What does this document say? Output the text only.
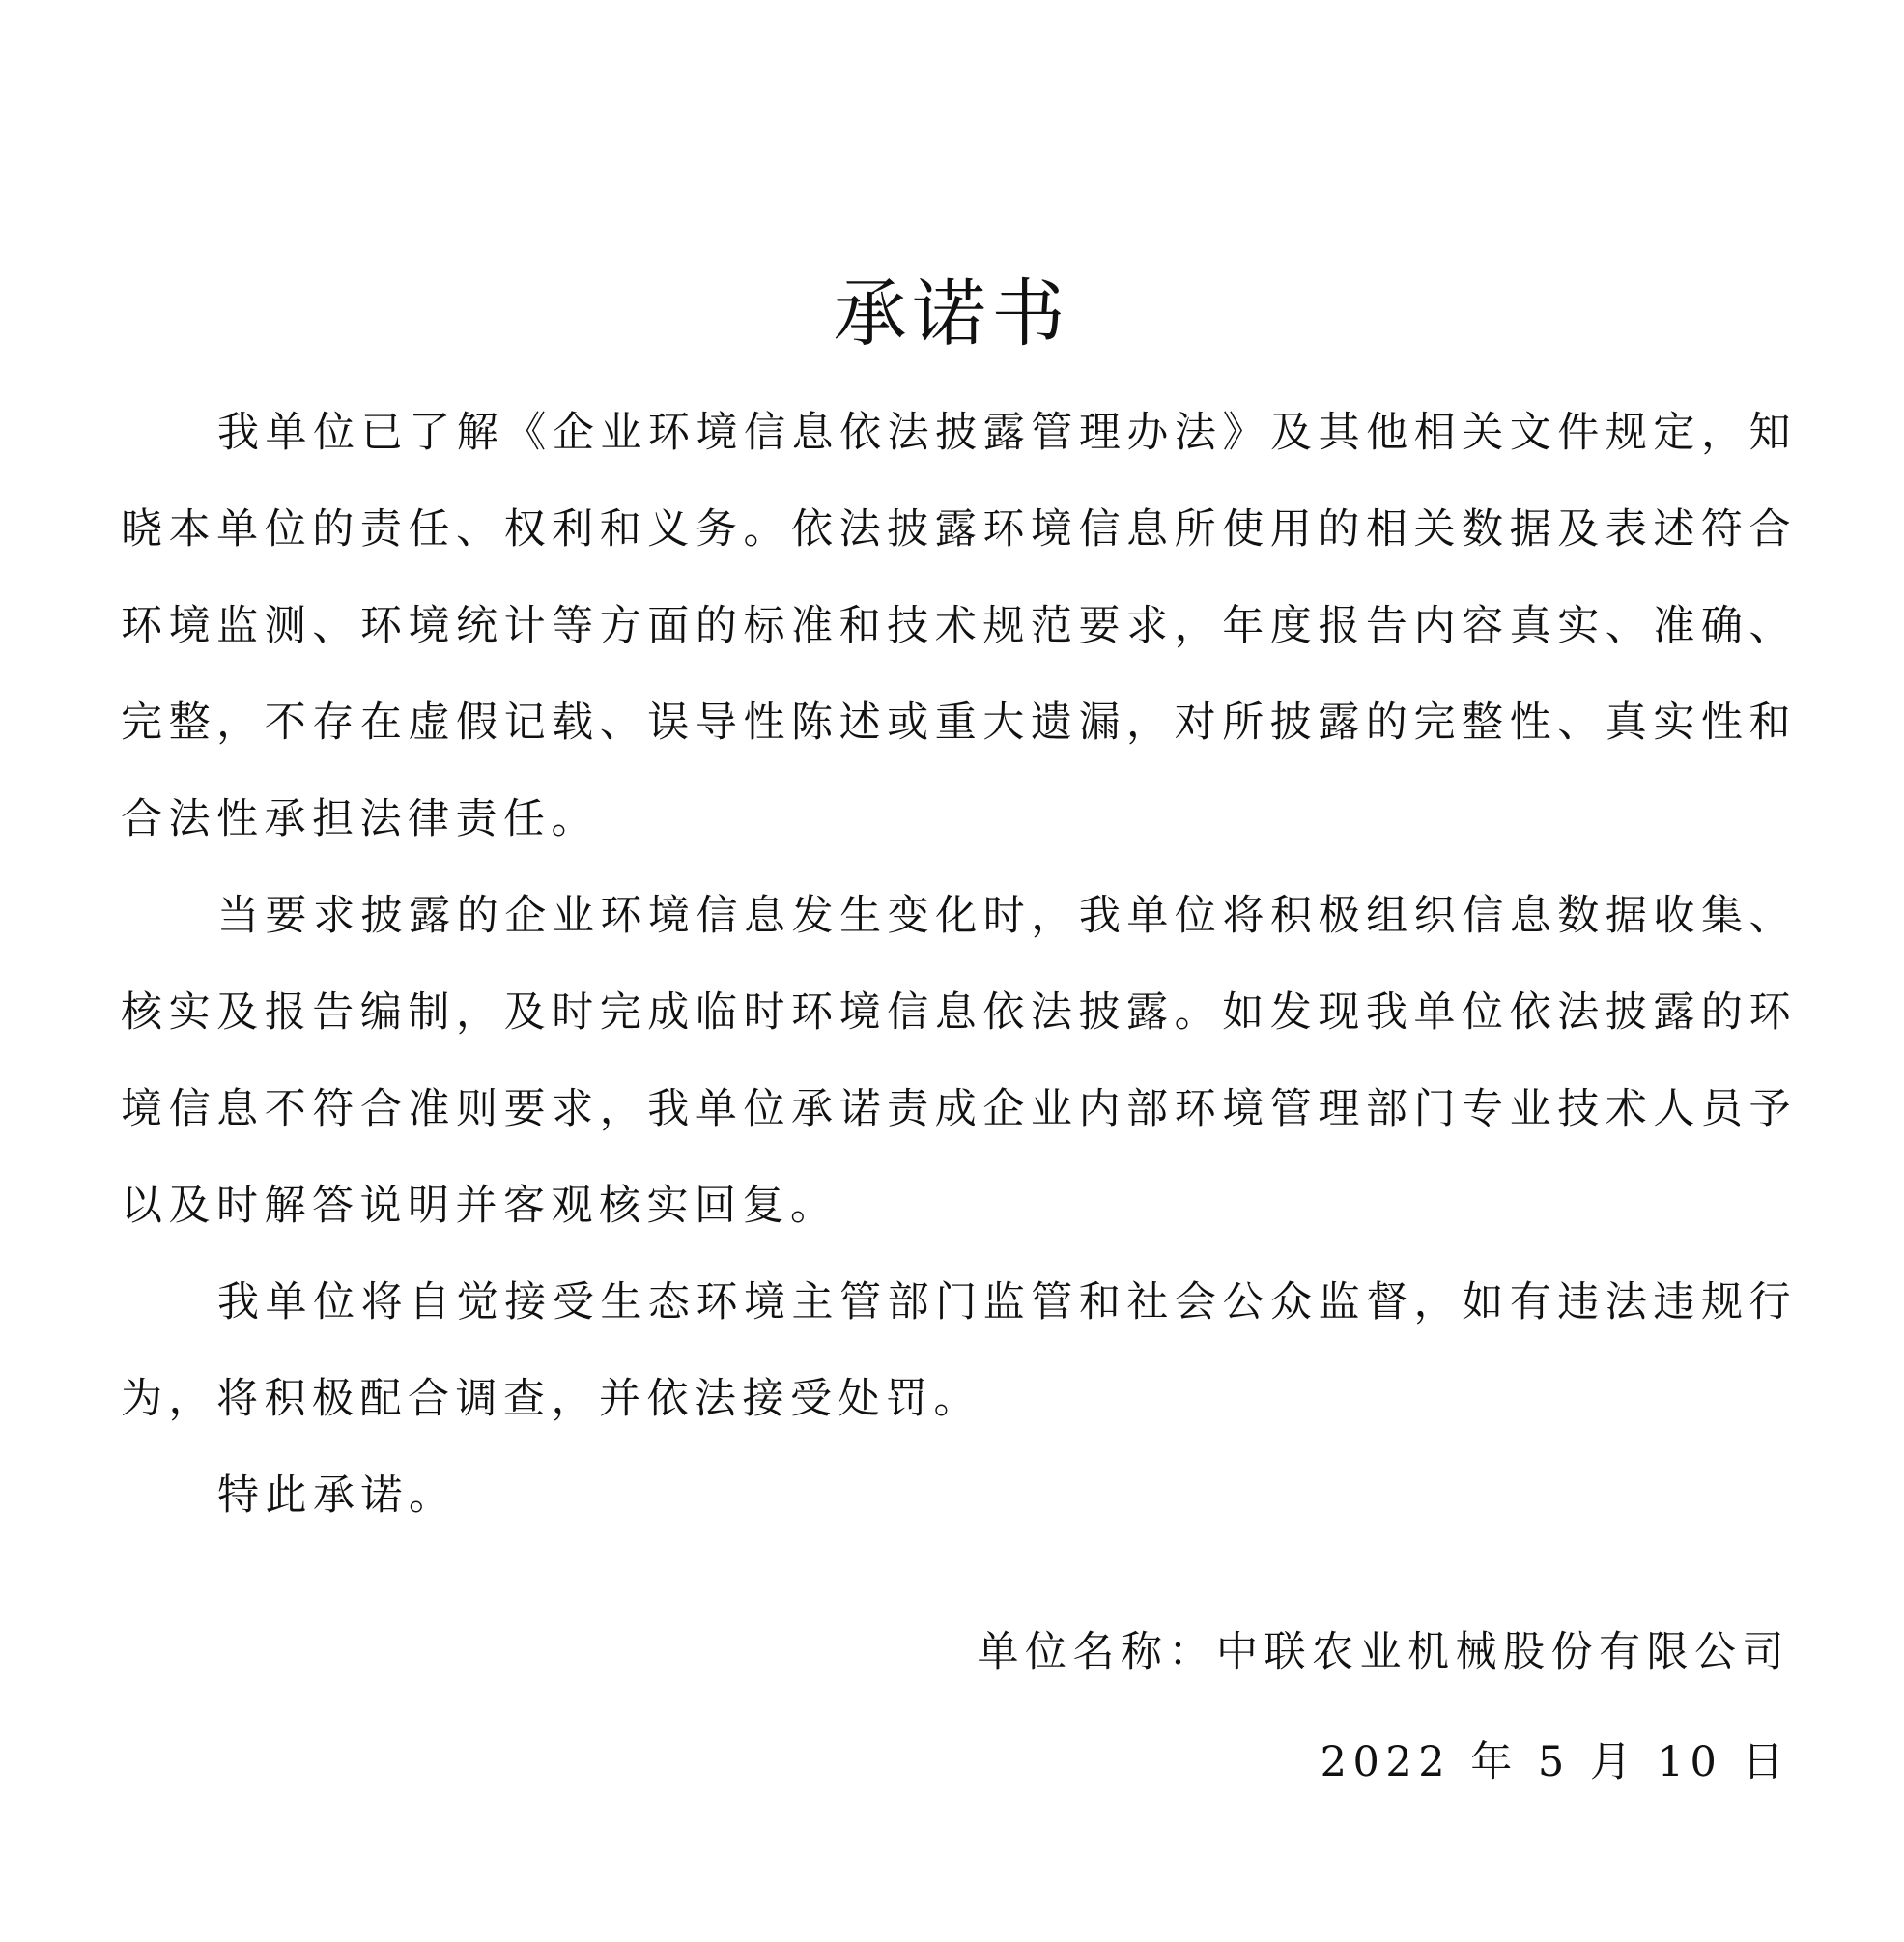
承诺书

我单位已了解《企业环境信息依法披露管理办法》及其他相关文件规定，知晓本单位的责任、权利和义务。依法披露环境信息所使用的相关数据及表述符合环境监测、环境统计等方面的标准和技术规范要求，年度报告内容真实、准确、完整，不存在虚假记载、误导性陈述或重大遗漏，对所披露的完整性、真实性和合法性承担法律责任。

当要求披露的企业环境信息发生变化时，我单位将积极组织信息数据收集、核实及报告编制，及时完成临时环境信息依法披露。如发现我单位依法披露的环境信息不符合准则要求，我单位承诺责成企业内部环境管理部门专业技术人员予以及时解答说明并客观核实回复。

我单位将自觉接受生态环境主管部门监管和社会公众监督，如有违法违规行为，将积极配合调查，并依法接受处罚。

特此承诺。

单位名称：中联农业机械股份有限公司
2022 年 5 月 10 日
